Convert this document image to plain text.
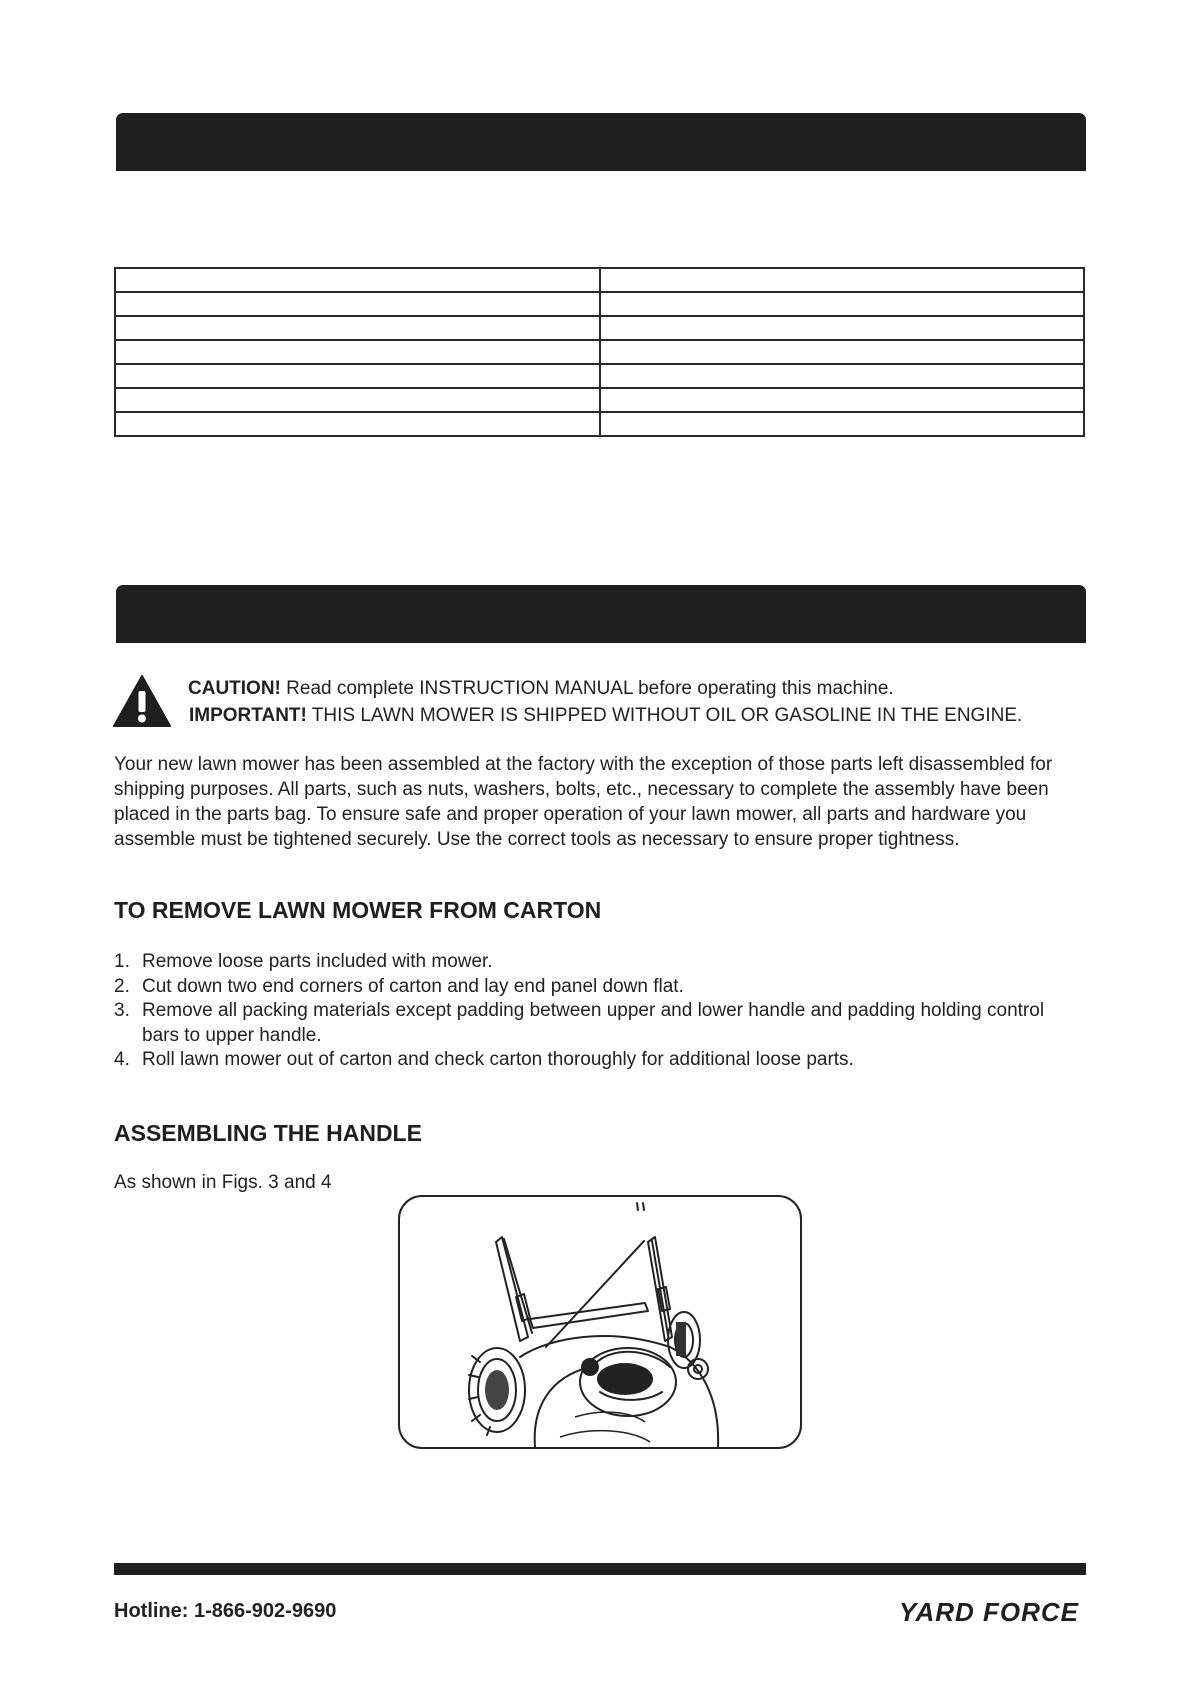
CAUTION! Read complete INSTRUCTION MANUAL before operating this machine.
IMPORTANT! THIS LAWN MOWER IS SHIPPED WITHOUT OIL OR GASOLINE IN THE ENGINE.

Your new lawn mower has been assembled at the factory with the exception of those parts left disassembled for shipping purposes. All parts, such as nuts, washers, bolts, etc., necessary to complete the assembly have been placed in the parts bag. To ensure safe and proper operation of your lawn mower, all parts and hardware you assemble must be tightened securely. Use the correct tools as necessary to ensure proper tightness.

TO REMOVE LAWN MOWER FROM CARTON
1. Remove loose parts included with mower.
2. Cut down two end corners of carton and lay end panel down flat.
3. Remove all packing materials except padding between upper and lower handle and padding holding control bars to upper handle.
4. Roll lawn mower out of carton and check carton thoroughly for additional loose parts.
ASSEMBLING THE HANDLE

As shown in Figs. 3 and 4

Hotline: 1-866-902-9690	YARD FORCE
